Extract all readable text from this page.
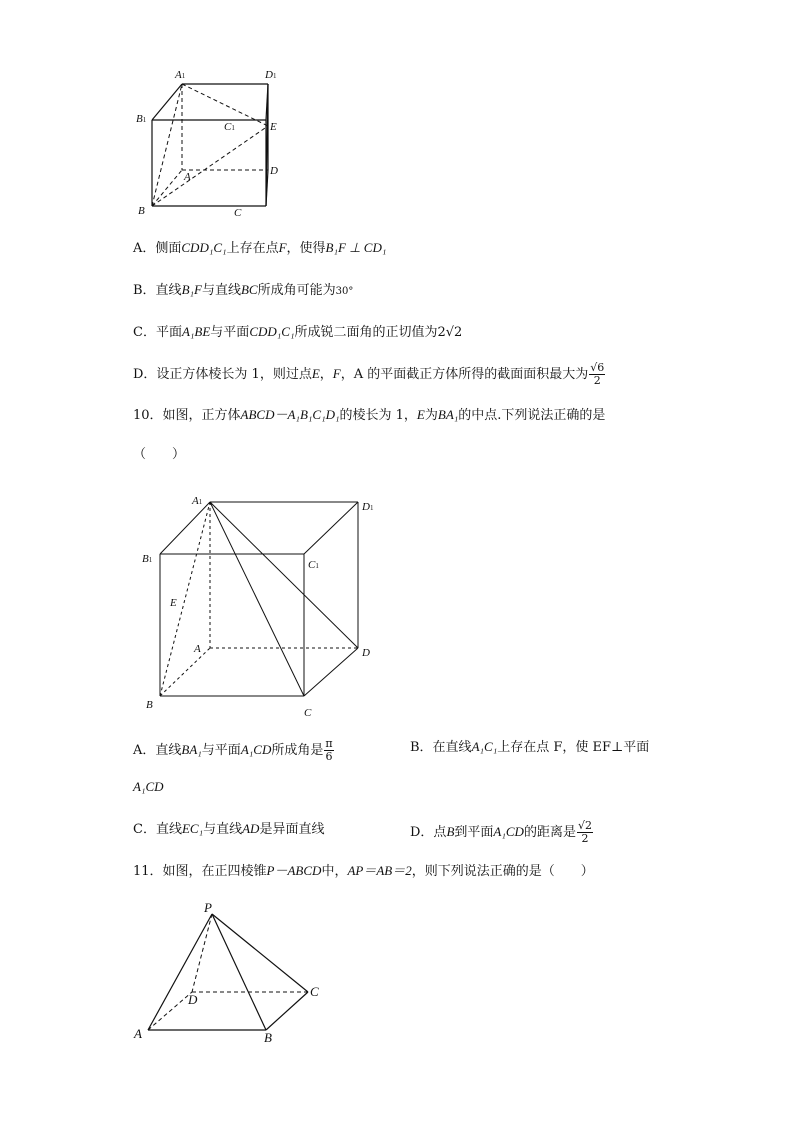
A1	D1
B1
C1	E
A	D
B	C
A．侧面CDD₁C₁上存在点F，使得B₁F ⊥ CD₁
B．直线B₁F与直线BC所成角可能为30°
C．平面A₁BE与平面CDD₁C₁所成锐二面角的正切值为2√2
D．设正方体棱长为 1，则过点E，F，A 的平面截正方体所得的截面面积最大为 $\frac{√6}{2}$
10．如图，正方体ABCD－A₁B₁C₁D₁的棱长为 1，E为BA₁的中点.下列说法正确的是
（　　）
A1	D1
B1	C1
E
A	D
B
C
A．直线BA₁与平面A₁CD所成角是 $\frac{\pi}{6}$	B．在直线A₁C₁上存在点 F，使 EF⊥平面
A₁CD
C．直线EC₁与直线AD是异面直线	D．点B到平面A₁CD的距离是 $\frac{√2}{2}$
11．如图，在正四棱锥P－ABCD中，AP＝AB＝2，则下列说法正确的是（　　）
P
D
C
A	B
